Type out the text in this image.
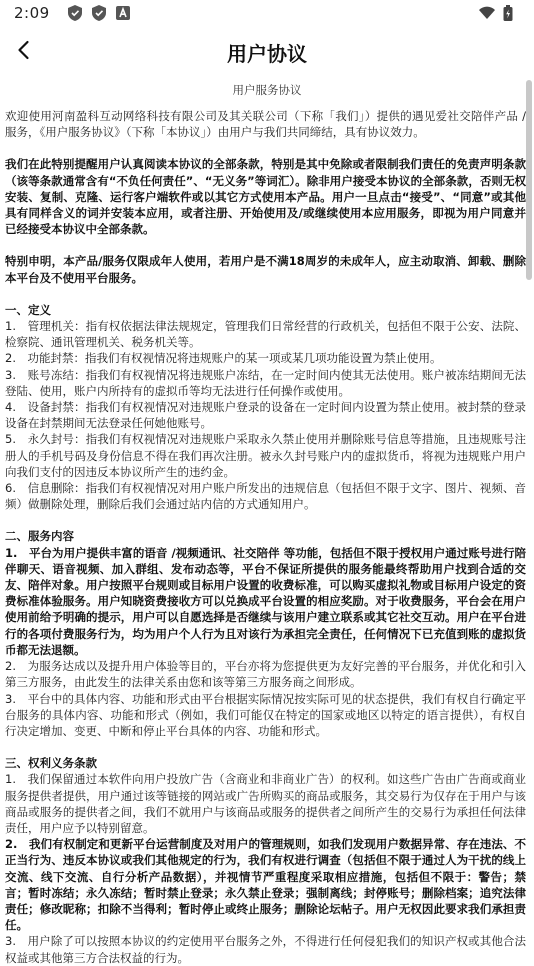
2:09
用户协议
用户服务协议

欢迎使用河南盈科互动网络科技有限公司及其关联公司（下称「我们」）提供的遇见爱社交陪伴产品 / 服务，《用户服务协议》（下称「本协议」）由用户与我们共同缔结，具有协议效力。

我们在此特别提醒用户认真阅读本协议的全部条款，特别是其中免除或者限制我们责任的免责声明条款（该等条款通常含有“不负任何责任”、“无义务”等词汇）。除非用户接受本协议的全部条款，否则无权安装、复制、克隆、运行客户端软件或以其它方式使用本产品。用户一旦点击“接受”、“同意”或其他具有同样含义的词并安装本应用，或者注册、开始使用及/或继续使用本应用服务，即视为用户同意并已经接受本协议中全部条款。

特别申明，本产品/服务仅限成年人使用，若用户是不满18周岁的未成年人，应主动取消、卸载、删除本平台及不使用平台服务。

一、定义

1.　管理机关：指有权依据法律法规规定，管理我们日常经营的行政机关，包括但不限于公安、法院、检察院、通讯管理机关、税务机关等。

2.　功能封禁：指我们有权视情况将违规账户的某一项或某几项功能设置为禁止使用。

3.　账号冻结：指我们有权视情况将违规账户冻结，在一定时间内使其无法使用。账户被冻结期间无法登陆、使用，账户内所持有的虚拟币等均无法进行任何操作或使用。

4.　设备封禁：指我们有权视情况对违规账户登录的设备在一定时间内设置为禁止使用。被封禁的登录设备在封禁期间无法登录任何她他账号。

5.　永久封号：指我们有权视情况对违规账户采取永久禁止使用并删除账号信息等措施，且违规账号注册人的手机号码及身份信息不得在我们再次注册。被永久封号账户内的虚拟货币，将视为违规账户用户向我们支付的因违反本协议所产生的违约金。

6.　信息删除：指我们有权视情况对用户账户所发出的违规信息（包括但不限于文字、图片、视频、音频）做删除处理，删除后我们会通过站内信的方式通知用户。

二、服务内容

1.　平台为用户提供丰富的语音 /视频通讯、社交陪伴 等功能，包括但不限于授权用户通过账号进行陪伴聊天、语音视频、加入群组、发布动态等，平台不保证所提供的服务能最终帮助用户找到合适的交友、陪伴对象。用户按照平台规则或目标用户设置的收费标准，可以购买虚拟礼物或目标用户设定的资费标准体验服务。用户知晓资费接收方可以兑换成平台设置的相应奖励。对于收费服务，平台会在用户使用前给予明确的提示，用户可以自愿选择是否继续与该用户建立联系或其它社交互动。用户在平台进行的各项付费服务行为，均为用户个人行为且对该行为承担完全责任，任何情况下已充值到账的虚拟货币都无法退额。

2.　为服务达成以及提升用户体验等目的，平台亦将为您提供更为友好完善的平台服务，并优化和引入第三方服务，由此发生的法律关系由您和该等第三方服务商之间形成。

3.　平台中的具体内容、功能和形式由平台根据实际情况按实际可见的状态提供，我们有权自行确定平台服务的具体内容、功能和形式（例如，我们可能仅在特定的国家或地区以特定的语言提供），有权自行决定增加、变更、中断和停止平台具体的内容、功能和形式。

三、权利义务条款

1.　我们保留通过本软件向用户投放广告（含商业和非商业广告）的权利。如这些广告由广告商或商业服务提供者提供，用户通过该等链接的网站或广告所购买的商品或服务，其交易行为仅存在于用户与该商品或服务的提供者之间，我们不就用户与该商品或服务的提供者之间所产生的交易行为承担任何法律责任，用户应予以特别留意。

2.　我们有权制定和更新平台运营制度及对用户的管理规则，如我们发现用户数据异常、存在违法、不正当行为、违反本协议或我们其他规定的行为，我们有权进行调查（包括但不限于通过人为干扰的线上交流、线下交流、自行分析产品数据），并视情节严重程度采取相应措施，包括但不限于：警告；禁言；暂时冻结；永久冻结；暂时禁止登录；永久禁止登录；强制离线；封停账号；删除档案；追究法律责任；修改昵称；扣除不当得利；暂时停止或终止服务；删除论坛帖子。用户无权因此要求我们承担责任。

3.　用户除了可以按照本协议的约定使用平台服务之外，不得进行任何侵犯我们的知识产权或其他合法权益或其他第三方合法权益的行为。
